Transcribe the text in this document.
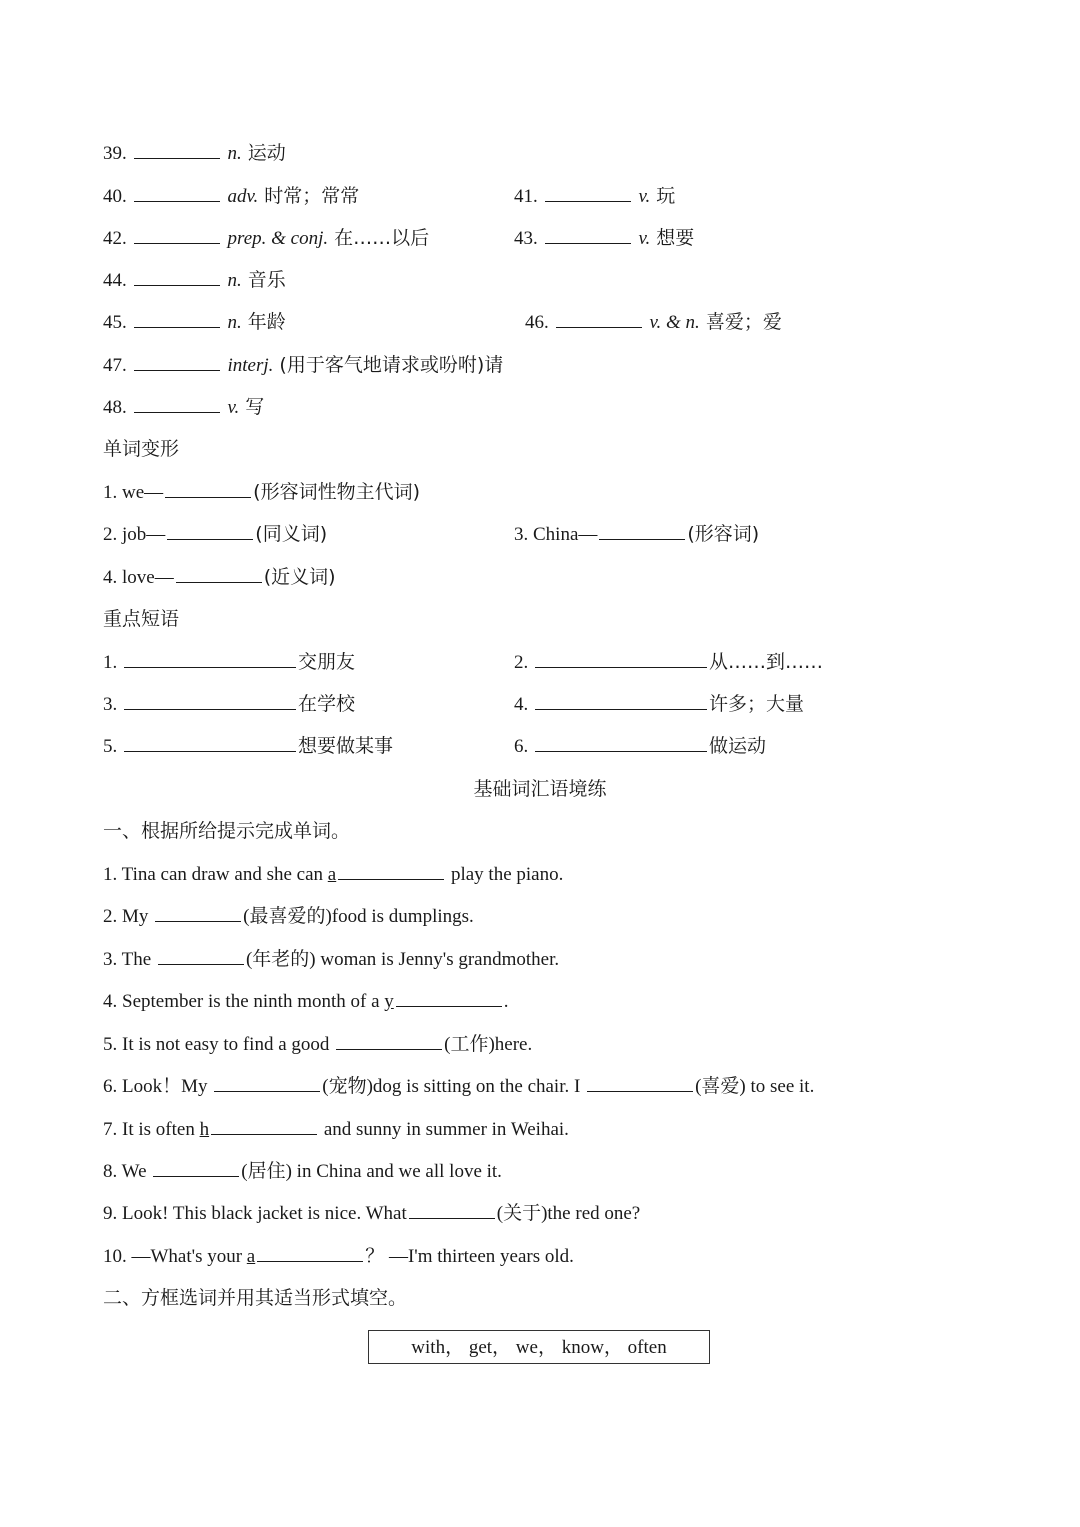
39.	n. 运动
40.	adv. 时常；常常	41.	v. 玩
42.	prep. & conj. 在……以后	43.	v. 想要
44.	n. 音乐
45.	n. 年龄	46.	v. & n. 喜爱；爱
47.	interj. (用于客气地请求或吩咐)请
48.	v. 写
单词变形
1. we—	(形容词性物主代词)
2. job—	(同义词)	3. China—	(形容词)
4. love—	(近义词)
重点短语
1.	交朋友	2.	从……到……
3.	在学校	4.	许多；大量
5.	想要做某事	6.	做运动
基础词汇语境练
一、根据所给提示完成单词。
1. Tina can draw and she can a	play the piano.
2. My	(最喜爱的)food is dumplings.
3. The	(年老的) woman is Jenny's grandmother.
4. September is the ninth month of a y	.
5. It is not easy to find a good	(工作)here.
6. Look！My	(宠物)dog is sitting on the chair. I	(喜爱) to see it.
7. It is often h	and sunny in summer in Weihai.
8. We	(居住) in China and we all love it.
9. Look! This black jacket is nice. What	(关于)the red one?
10. —What's your a	？ —I'm thirteen years old.
二、方框选词并用其适当形式填空。
with， get， we， know， often
